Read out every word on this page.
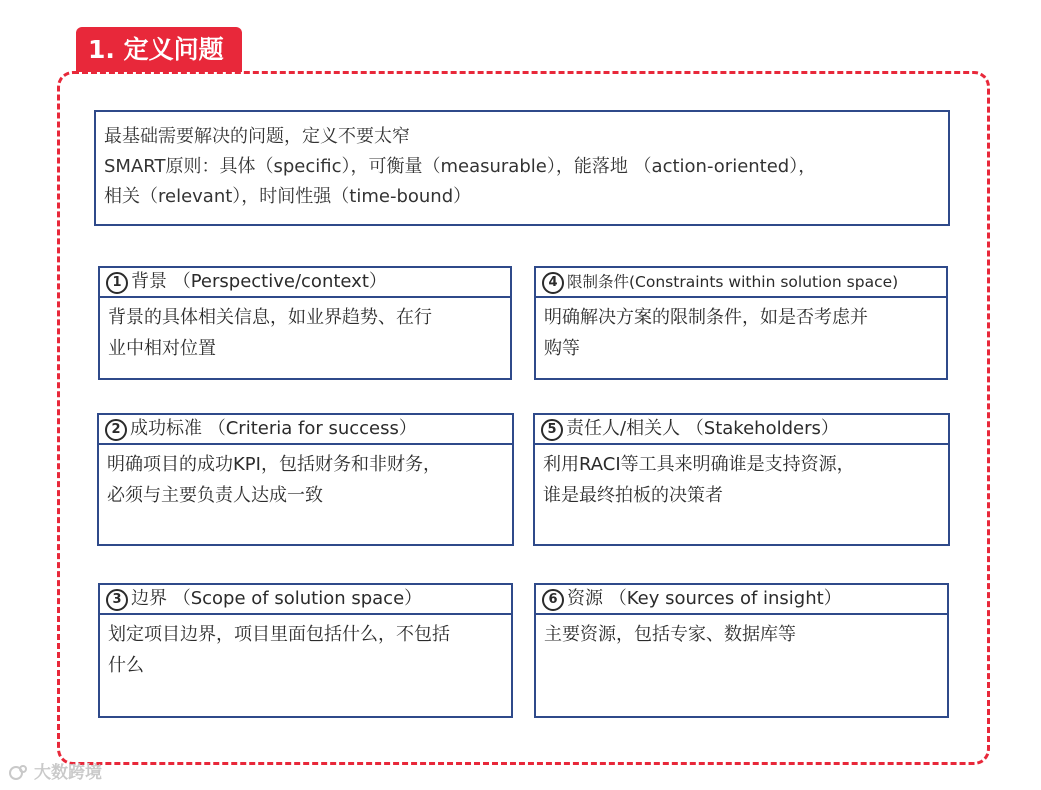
1. 定义问题
最基础需要解决的问题，定义不要太窄
SMART原则：具体（specific），可衡量（measurable），能落地 （action-oriented），
相关（relevant），时间性强（time-bound）
1 背景 （Perspective/context）
背景的具体相关信息，如业界趋势、在行
业中相对位置
4 限制条件(Constraints within solution space)
明确解决方案的限制条件，如是否考虑并
购等
2 成功标准 （Criteria for success）
明确项目的成功KPI，包括财务和非财务，
必须与主要负责人达成一致
5 责任人/相关人 （Stakeholders）
利用RACI等工具来明确谁是支持资源，
谁是最终拍板的决策者
3 边界 （Scope of solution space）
划定项目边界，项目里面包括什么，不包括
什么
6 资源 （Key sources of insight）
主要资源，包括专家、数据库等
大数跨境
